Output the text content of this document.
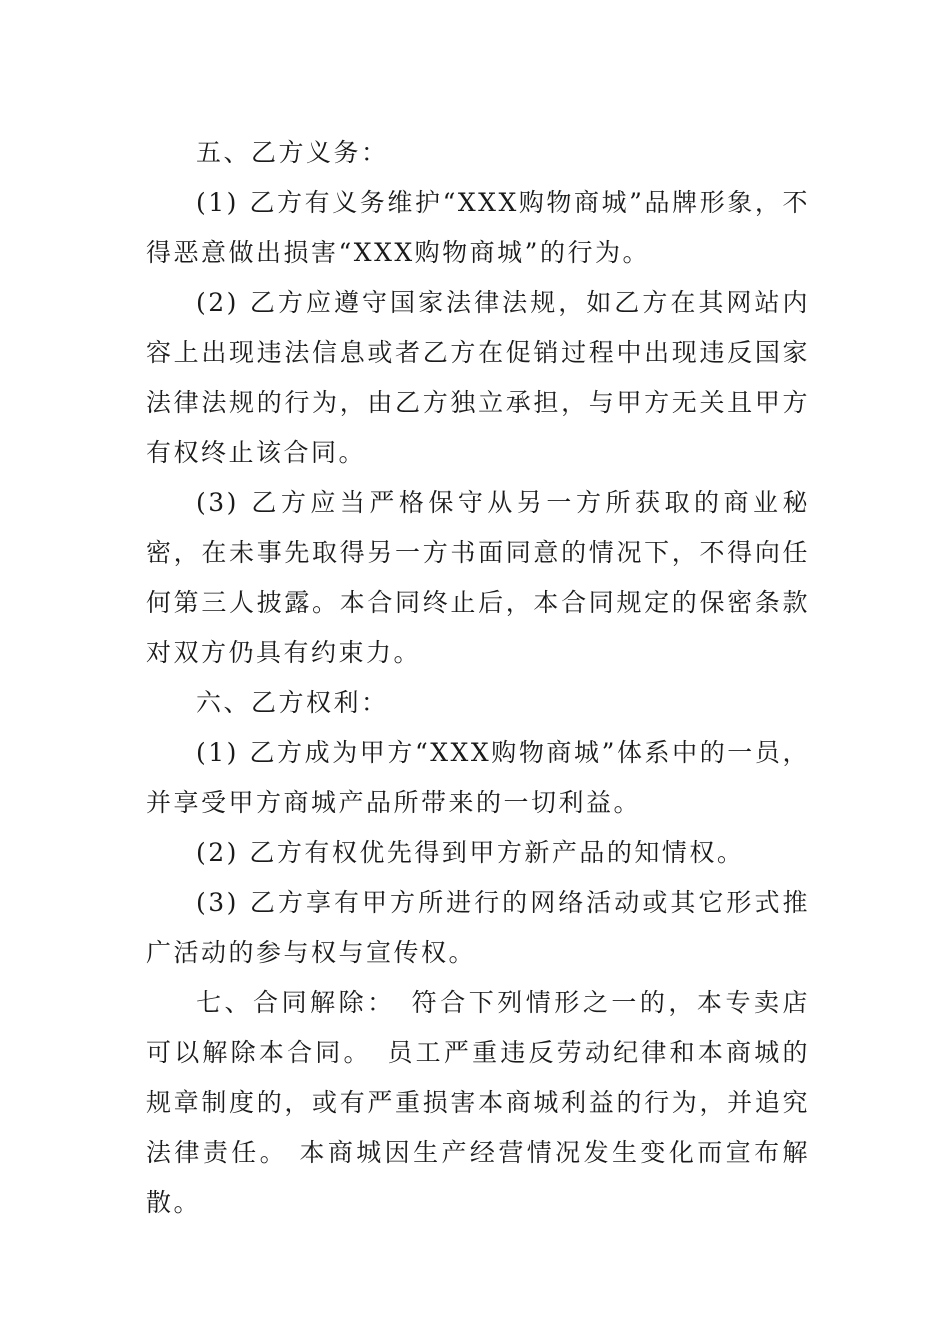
五、乙方义务：

(1) 乙方有义务维护“XXX购物商城”品牌形象，不得恶意做出损害“XXX购物商城”的行为。

(2) 乙方应遵守国家法律法规，如乙方在其网站内容上出现违法信息或者乙方在促销过程中出现违反国家法律法规的行为，由乙方独立承担，与甲方无关且甲方有权终止该合同。

(3) 乙方应当严格保守从另一方所获取的商业秘密，在未事先取得另一方书面同意的情况下，不得向任何第三人披露。本合同终止后，本合同规定的保密条款对双方仍具有约束力。

六、乙方权利：

(1) 乙方成为甲方“XXX购物商城”体系中的一员，并享受甲方商城产品所带来的一切利益。

(2) 乙方有权优先得到甲方新产品的知情权。

(3) 乙方享有甲方所进行的网络活动或其它形式推广活动的参与权与宣传权。

七、合同解除：　符合下列情形之一的，本专卖店可以解除本合同。　员工严重违反劳动纪律和本商城的规章制度的，或有严重损害本商城利益的行为，并追究法律责任。 本商城因生产经营情况发生变化而宣布解散。
